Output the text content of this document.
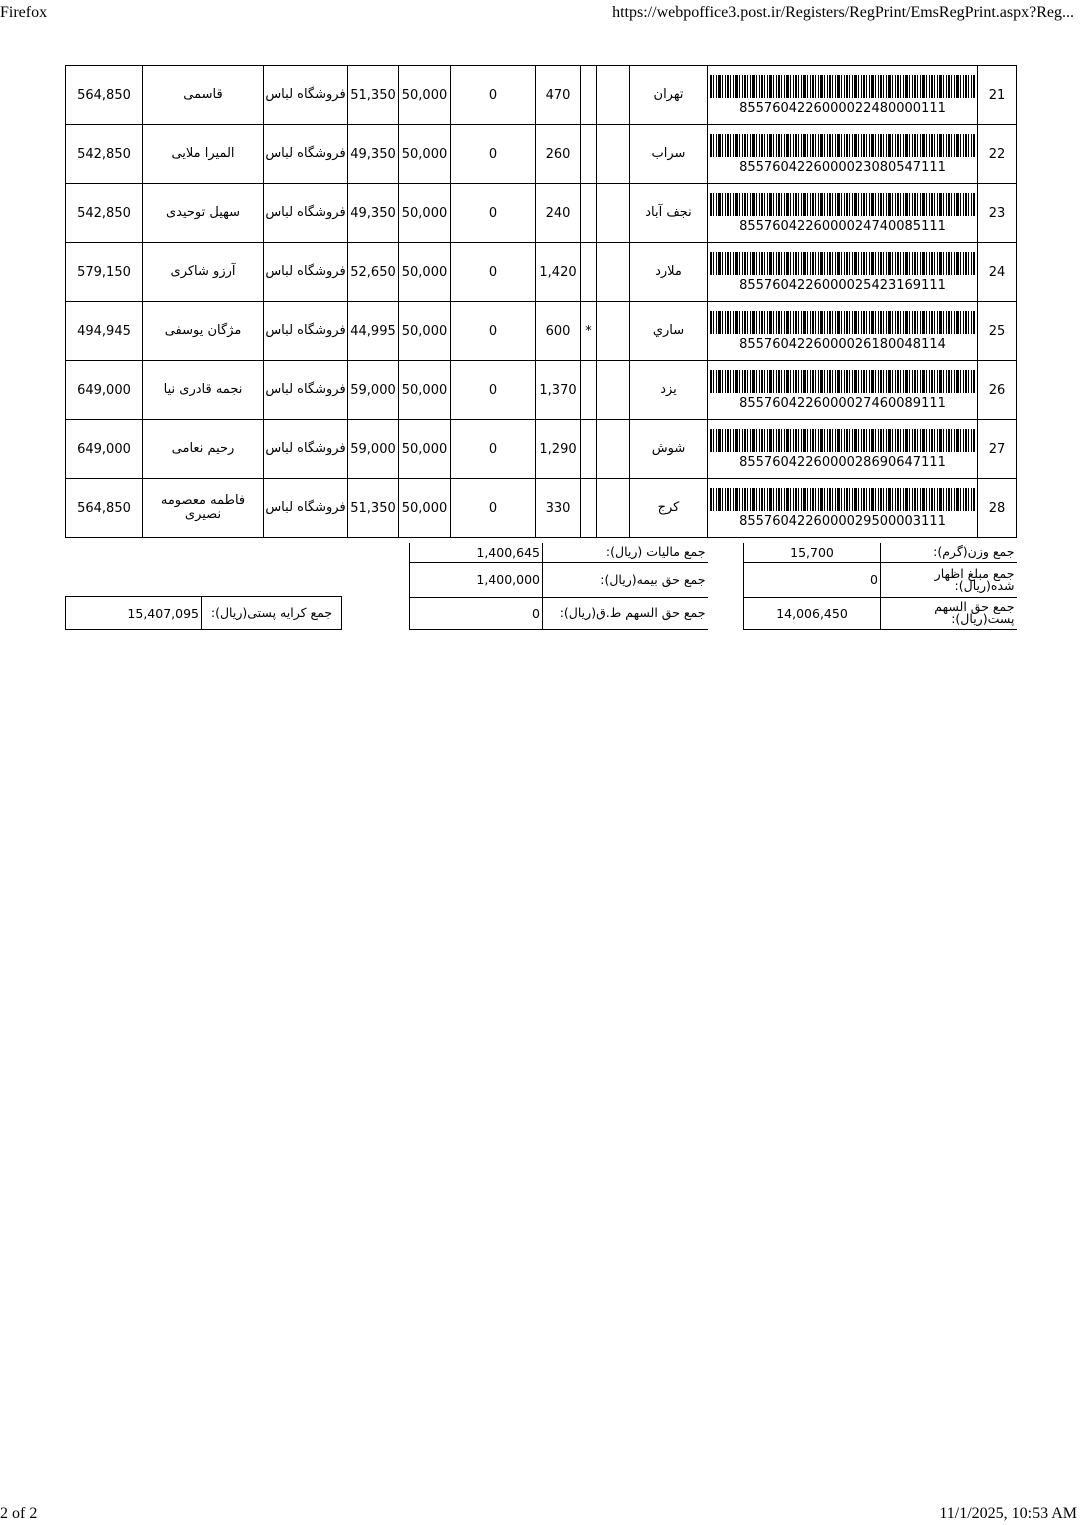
Firefox	https://webpoffice3.post.ir/Registers/RegPrint/EmsRegPrint.aspx?Reg...
564,850	قاسمی	فروشگاه لباس	51,350	50,000	0	470			تهران	8557604226000022480000111	21
542,850	المیرا ملایی	فروشگاه لباس	49,350	50,000	0	260			سراب	8557604226000023080547111	22
542,850	سهیل توحیدی	فروشگاه لباس	49,350	50,000	0	240			نجف آباد	8557604226000024740085111	23
579,150	آرزو شاکری	فروشگاه لباس	52,650	50,000	0	1,420			ملارد	8557604226000025423169111	24
494,945	مژگان یوسفی	فروشگاه لباس	44,995	50,000	0	600	*		ساري	8557604226000026180048114	25
649,000	نجمه قادری نیا	فروشگاه لباس	59,000	50,000	0	1,370			یزد	8557604226000027460089111	26
649,000	رحیم نعامی	فروشگاه لباس	59,000	50,000	0	1,290			شوش	8557604226000028690647111	27
564,850	فاطمه معصومه نصیری	فروشگاه لباس	51,350	50,000	0	330			کرج	8557604226000029500003111	28
1,400,645	جمع مالیات (ریال):
1,400,000	جمع حق بیمه(ریال):
0	جمع حق السهم ط.ق(ریال):
15,700	جمع وزن(گرم):
0	جمع مبلغ اظهار شده(ریال):
14,006,450	جمع حق السهم پست(ریال):
15,407,095	جمع کرایه پستی(ریال):
2 of 2	11/1/2025, 10:53 AM
